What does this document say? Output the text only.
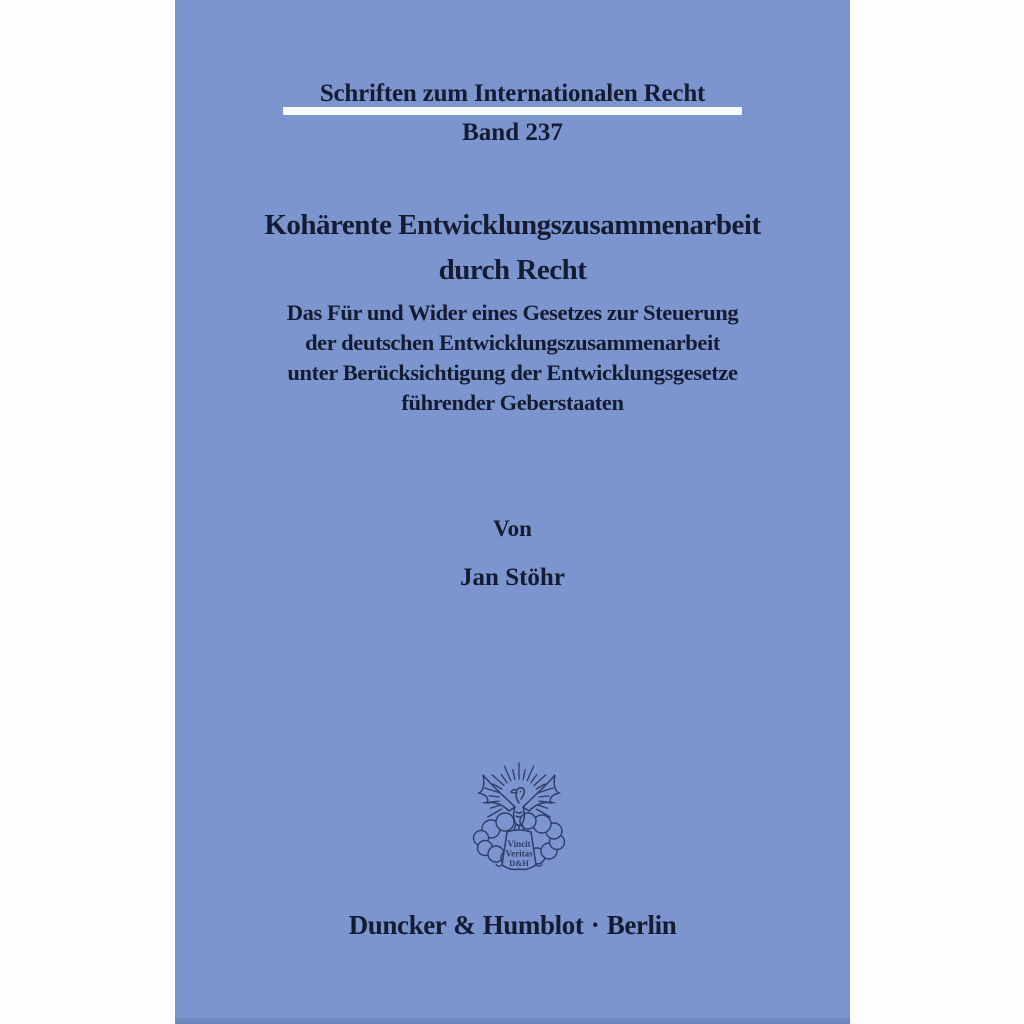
Schriften zum Internationalen Recht
Band 237
Kohärente Entwicklungszusammenarbeit
durch Recht
Das Für und Wider eines Gesetzes zur Steuerung
der deutschen Entwicklungszusammenarbeit
unter Berücksichtigung der Entwicklungsgesetze
führender Geberstaaten
Von
Jan Stöhr
Vincit
Veritas
D&H
Duncker & Humblot · Berlin
